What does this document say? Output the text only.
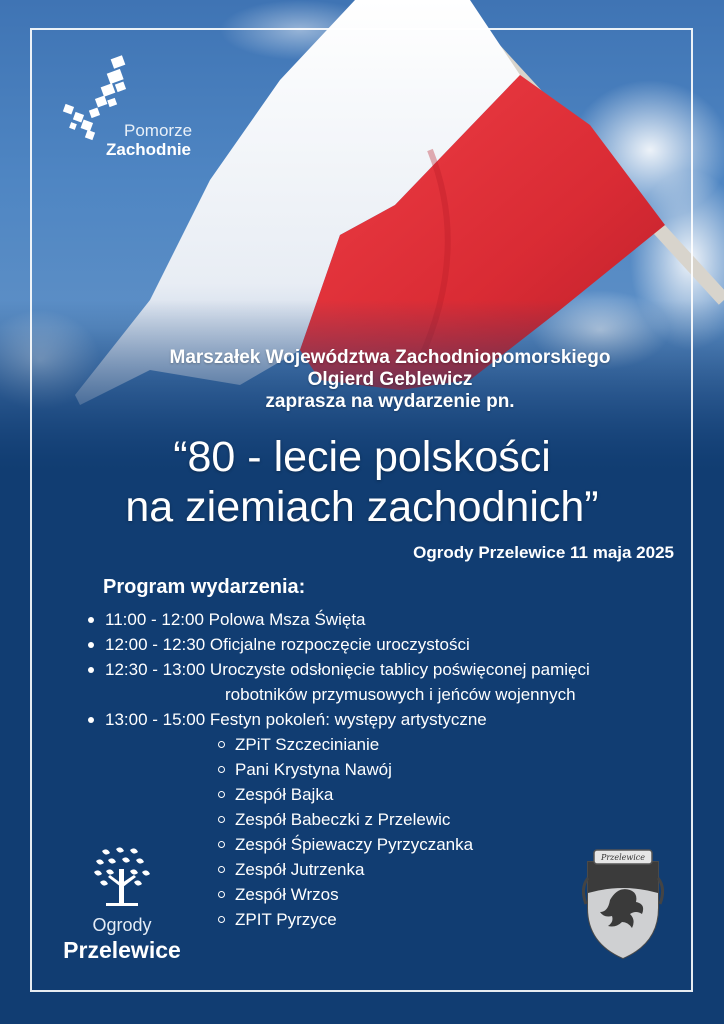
Pomorze
Zachodnie
Marszałek Województwa Zachodniopomorskiego
Olgierd Geblewicz
zaprasza na wydarzenie pn.
“80 - lecie polskości
na ziemiach zachodnich”
Ogrody Przelewice 11 maja 2025
Program wydarzenia:
11:00 - 12:00 Polowa Msza Święta
12:00 - 12:30 Oficjalne rozpoczęcie uroczystości
12:30 - 13:00 Uroczyste odsłonięcie tablicy poświęconej pamięci
robotników przymusowych i jeńców wojennych
13:00 - 15:00 Festyn pokoleń: występy artystyczne
ZPiT Szczecinianie
Pani Krystyna Nawój
Zespół Bajka
Zespół Babeczki z Przelewic
Zespół Śpiewaczy Pyrzyczanka
Zespół Jutrzenka
Zespół Wrzos
ZPIT Pyrzyce
Ogrody
Przelewice
Przelewice
